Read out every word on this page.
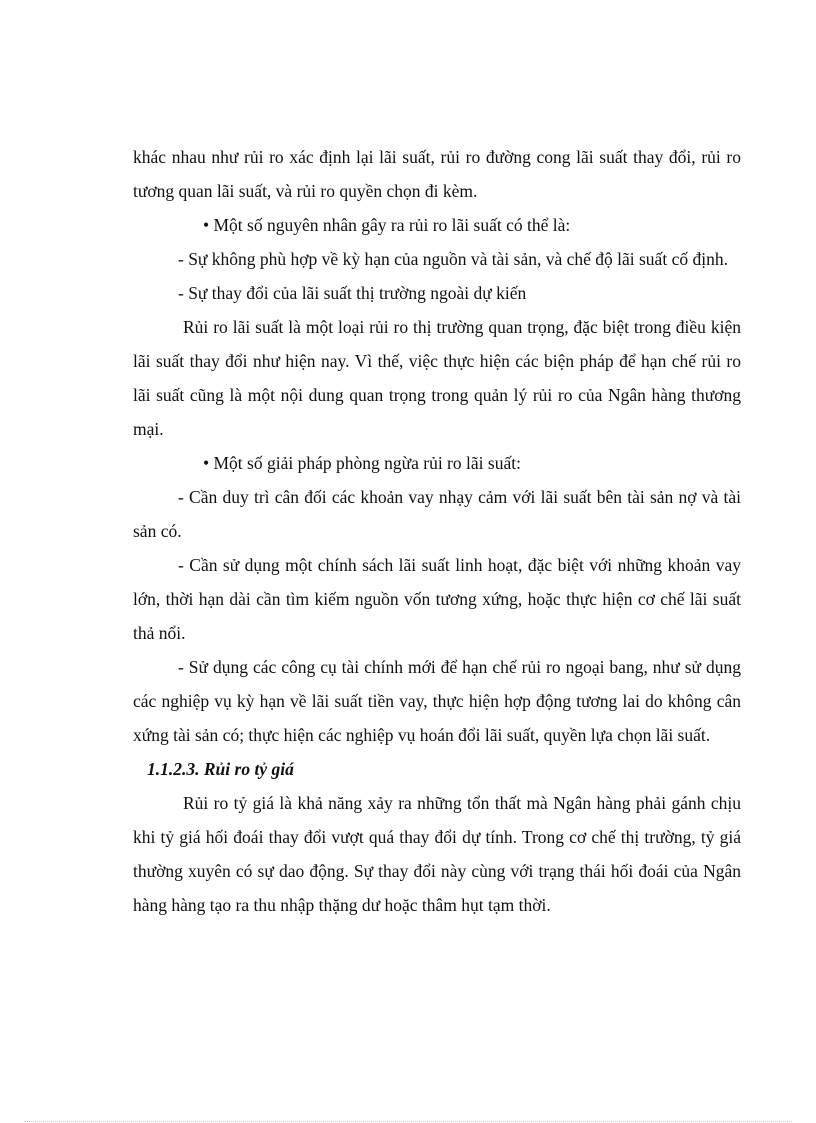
khác nhau như rủi ro xác định lại lãi suất, rủi ro đường cong lãi suất thay đổi, rủi ro tương quan lãi suất, và rủi ro quyền chọn đi kèm.

• Một số nguyên nhân gây ra rủi ro lãi suất có thể là:

- Sự không phù hợp về kỳ hạn của nguồn và tài sản, và chế độ lãi suất cố định.

- Sự thay đổi của lãi suất thị trường ngoài dự kiến

Rủi ro lãi suất là một loại rủi ro thị trường quan trọng, đặc biệt trong điều kiện lãi suất thay đổi như hiện nay. Vì thế, việc thực hiện các biện pháp để hạn chế rủi ro lãi suất cũng là một nội dung quan trọng trong quản lý rủi ro của Ngân hàng thương mại.

• Một số giải pháp phòng ngừa rủi ro lãi suất:

- Cần duy trì cân đối các khoản vay nhạy cảm với lãi suất bên tài sản nợ và tài sản có.

- Cần sử dụng một chính sách lãi suất linh hoạt, đặc biệt với những khoản vay lớn, thời hạn dài cần tìm kiếm nguồn vốn tương xứng, hoặc thực hiện cơ chế lãi suất thả nổi.

- Sử dụng các công cụ tài chính mới để hạn chế rủi ro ngoại bang, như sử dụng các nghiệp vụ kỳ hạn về lãi suất tiền vay, thực hiện hợp động tương lai do không cân xứng tài sản có; thực hiện các nghiệp vụ hoán đổi lãi suất, quyền lựa chọn lãi suất.

1.1.2.3. Rủi ro tỷ giá

Rủi ro tỷ giá là khả năng xảy ra những tổn thất mà Ngân hàng phải gánh chịu khi tỷ giá hối đoái thay đổi vượt quá thay đổi dự tính. Trong cơ chế thị trường, tỷ giá thường xuyên có sự dao động. Sự thay đổi này cùng với trạng thái hối đoái của Ngân hàng hàng tạo ra thu nhập thặng dư hoặc thâm hụt tạm thời.
